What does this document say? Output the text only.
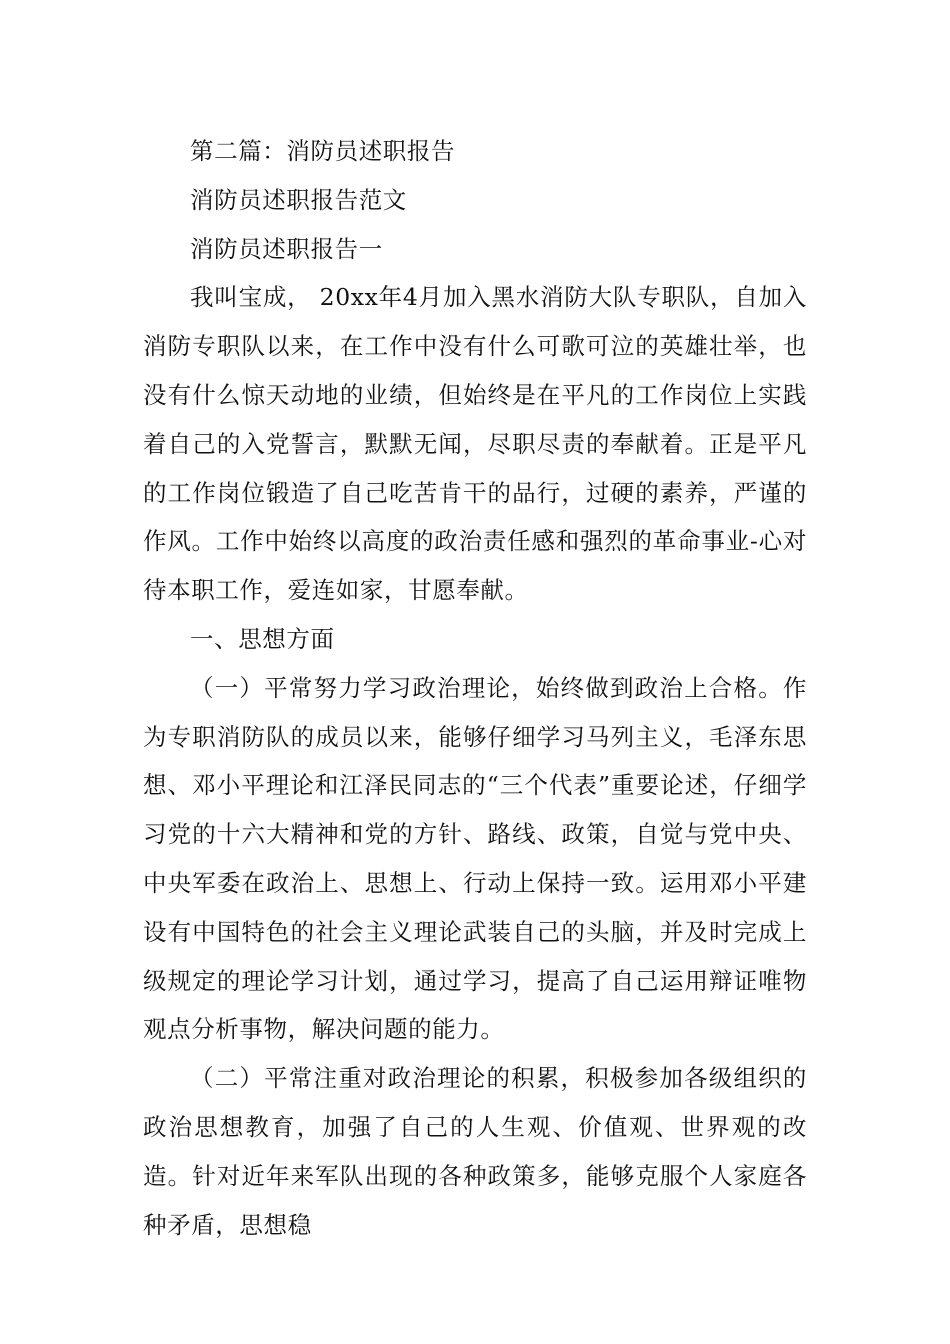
第二篇：消防员述职报告

消防员述职报告范文

消防员述职报告一

我叫宝成， 20xx年4月加入黑水消防大队专职队，自加入消防专职队以来，在工作中没有什么可歌可泣的英雄壮举，也没有什么惊天动地的业绩，但始终是在平凡的工作岗位上实践着自己的入党誓言，默默无闻，尽职尽责的奉献着。正是平凡的工作岗位锻造了自己吃苦肯干的品行，过硬的素养，严谨的作风。工作中始终以高度的政治责任感和强烈的革命事业-心对待本职工作，爱连如家，甘愿奉献。

一、思想方面

（一）平常努力学习政治理论，始终做到政治上合格。作为专职消防队的成员以来，能够仔细学习马列主义，毛泽东思想、邓小平理论和江泽民同志的“三个代表”重要论述，仔细学习党的十六大精神和党的方针、路线、政策，自觉与党中央、中央军委在政治上、思想上、行动上保持一致。运用邓小平建设有中国特色的社会主义理论武装自己的头脑，并及时完成上级规定的理论学习计划，通过学习，提高了自己运用辩证唯物观点分析事物，解决问题的能力。

（二）平常注重对政治理论的积累，积极参加各级组织的政治思想教育，加强了自己的人生观、价值观、世界观的改造。针对近年来军队出现的各种政策多，能够克服个人家庭各种矛盾，思想稳
